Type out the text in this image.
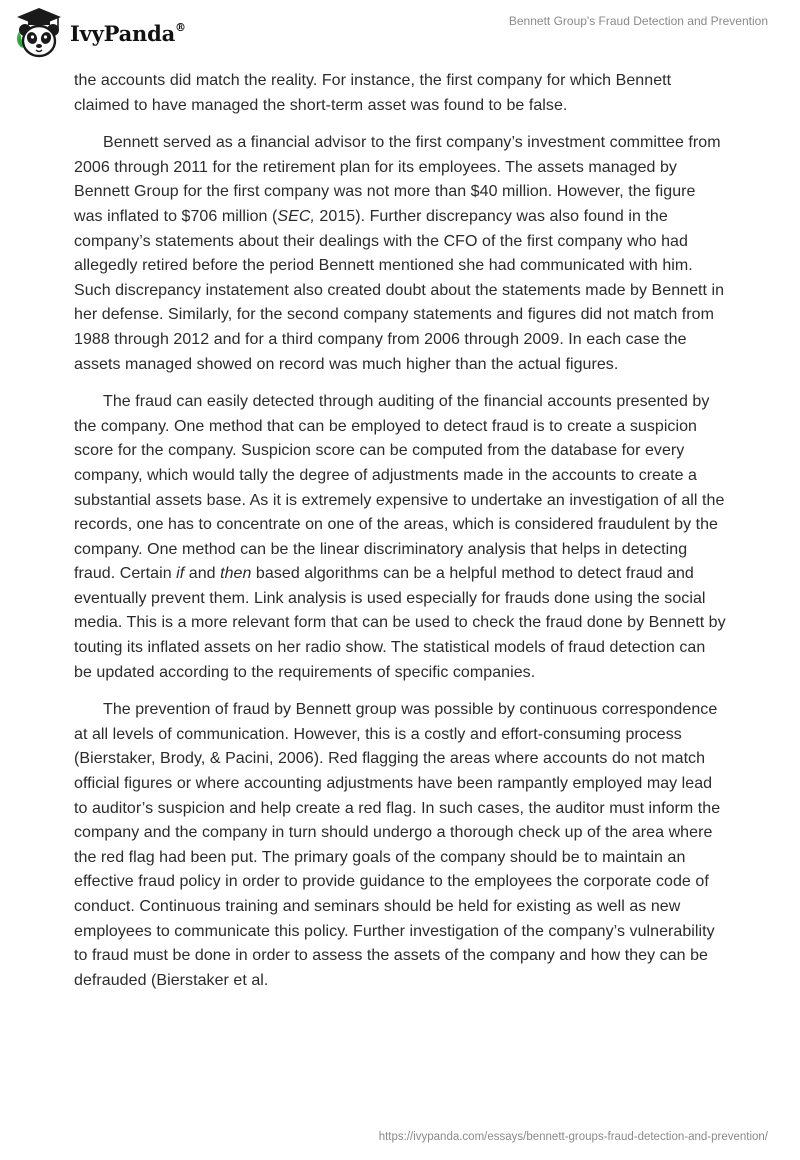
IvyPanda®	Bennett Group's Fraud Detection and Prevention

the accounts did match the reality. For instance, the first company for which Bennett claimed to have managed the short-term asset was found to be false.

Bennett served as a financial advisor to the first company’s investment committee from 2006 through 2011 for the retirement plan for its employees. The assets managed by Bennett Group for the first company was not more than $40 million. However, the figure was inflated to $706 million (SEC, 2015). Further discrepancy was also found in the company’s statements about their dealings with the CFO of the first company who had allegedly retired before the period Bennett mentioned she had communicated with him. Such discrepancy instatement also created doubt about the statements made by Bennett in her defense. Similarly, for the second company statements and figures did not match from 1988 through 2012 and for a third company from 2006 through 2009. In each case the assets managed showed on record was much higher than the actual figures.

The fraud can easily detected through auditing of the financial accounts presented by the company. One method that can be employed to detect fraud is to create a suspicion score for the company. Suspicion score can be computed from the database for every company, which would tally the degree of adjustments made in the accounts to create a substantial assets base. As it is extremely expensive to undertake an investigation of all the records, one has to concentrate on one of the areas, which is considered fraudulent by the company. One method can be the linear discriminatory analysis that helps in detecting fraud. Certain if and then based algorithms can be a helpful method to detect fraud and eventually prevent them. Link analysis is used especially for frauds done using the social media. This is a more relevant form that can be used to check the fraud done by Bennett by touting its inflated assets on her radio show. The statistical models of fraud detection can be updated according to the requirements of specific companies.

The prevention of fraud by Bennett group was possible by continuous correspondence at all levels of communication. However, this is a costly and effort-consuming process (Bierstaker, Brody, & Pacini, 2006). Red flagging the areas where accounts do not match official figures or where accounting adjustments have been rampantly employed may lead to auditor’s suspicion and help create a red flag. In such cases, the auditor must inform the company and the company in turn should undergo a thorough check up of the area where the red flag had been put. The primary goals of the company should be to maintain an effective fraud policy in order to provide guidance to the employees the corporate code of conduct. Continuous training and seminars should be held for existing as well as new employees to communicate this policy. Further investigation of the company’s vulnerability to fraud must be done in order to assess the assets of the company and how they can be defrauded (Bierstaker et al.

https://ivypanda.com/essays/bennett-groups-fraud-detection-and-prevention/
